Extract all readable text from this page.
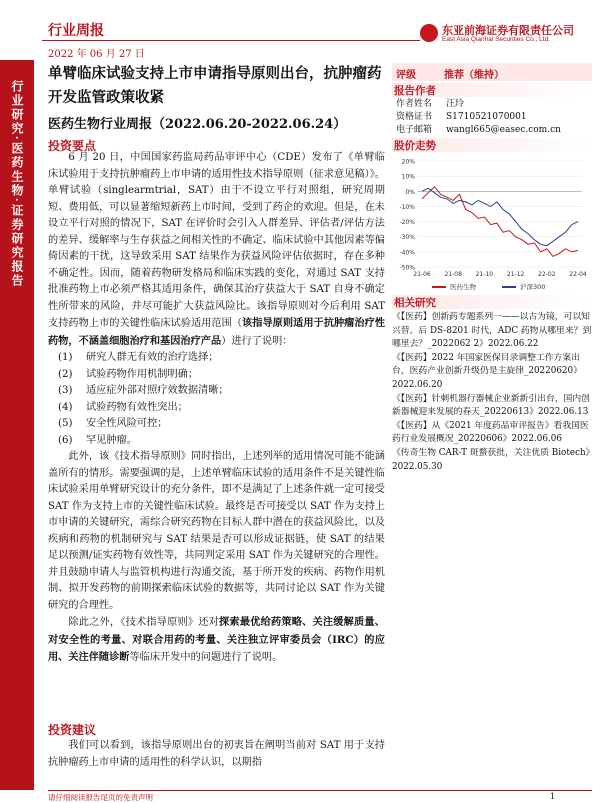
行业研究·医药生物·证券研究报告
行业周报
2022 年 06 月 27 日
东亚前海证券有限责任公司
East Asia Qianhai Securities Co., Ltd.
单臂临床试验支持上市申请指导原则出台，抗肿瘤药开发监管政策收紧
医药生物行业周报（2022.06.20-2022.06.24）
投资要点

6 月 20 日，中国国家药监局药品审评中心（CDE）发布了《单臂临床试验用于支持抗肿瘤药上市申请的适用性技术指导原则（征求意见稿）》。单臂试验（singlearmtrial，SAT）由于不设立平行对照组，研究周期短、费用低，可以显著缩短新药上市时间，受到了药企的欢迎。但是，在未设立平行对照的情况下，SAT 在评价时会引入人群差异、评估者/评估方法的差异、缓解率与生存获益之间相关性的不确定、临床试验中其他因素等偏倚因素的干扰，这导致采用 SAT 结果作为获益风险评估依据时，存在多种不确定性。因而，随着药物研发格局和临床实践的变化，对通过 SAT 支持批准药物上市必须严格其适用条件，确保其治疗获益大于 SAT 自身不确定性所带来的风险，并尽可能扩大获益风险比。该指导原则对今后利用 SAT 支持药物上市的关键性临床试验适用范围（该指导原则适用于抗肿瘤治疗性药物，不涵盖细胞治疗和基因治疗产品）进行了说明：

(1) 研究人群无有效的治疗选择；
(2) 试验药物作用机制明确；
(3) 适应症外部对照疗效数据清晰；
(4) 试验药物有效性突出；
(5) 安全性风险可控；
(6) 罕见肿瘤。

此外，该《技术指导原则》同时指出，上述列举的适用情况可能不能涵盖所有的情形。需要强调的是，上述单臂临床试验的适用条件不是关键性临床试验采用单臂研究设计的充分条件，即不是满足了上述条件就一定可接受 SAT 作为支持上市的关键性临床试验。最终是否可接受以 SAT 作为支持上市申请的关键研究，需综合研究药物在目标人群中潜在的获益风险比，以及疾病和药物的机制研究与 SAT 结果是否可以形成证据链，使 SAT 的结果足以预测/证实药物有效性等，共同判定采用 SAT 作为关键研究的合理性。并且鼓励申请人与监管机构进行沟通交流，基于所开发的疾病、药物作用机制、拟开发药物的前期探索临床试验的数据等，共同讨论以 SAT 作为关键研究的合理性。

除此之外，《技术指导原则》还对探索最优给药策略、关注缓解质量、对安全性的考量、对联合用药的考量、关注独立评审委员会（IRC）的应用、关注伴随诊断等临床开发中的问题进行了说明。

投资建议

我们可以看到，该指导原则出台的初衷旨在阐明当前对 SAT 用于支持抗肿瘤药上市申请的适用性的科学认识，以期指

评级	推荐（维持）
报告作者
作者姓名 汪玲
资格证书 S1710521070001
电子邮箱 wangl665@easec.com.cn
股价走势
20%
10%
0%
-10%
-20%
-30%
-40%
-50%
21-06 21-08 21-10 21-12 22-02 22-04
医药生物	沪深300
相关研究

《【医药】创新药专题系列一——以古为镜，可以知兴替。后 DS-8201 时代，ADC 药物从哪里来？到哪里去？_2022062 2》2022.06.22

《【医药】2022 年国家医保目录调整工作方案出台，医药产业创新升级仍是主旋律_20220620》2022.06.20

《【医药】针刺机器行器械企业新新引出台，国内创新器械迎来发展的春天_20220613》2022.06.13

《【医药】从《2021 年度药品审评报告》看我国医药行业发展概况_20220606》2022.06.06

《传奇生物 CAR-T 斑蝥获批，关注优质 Biotech》2022.05.30

请仔细阅读报告尾页的免责声明	1
